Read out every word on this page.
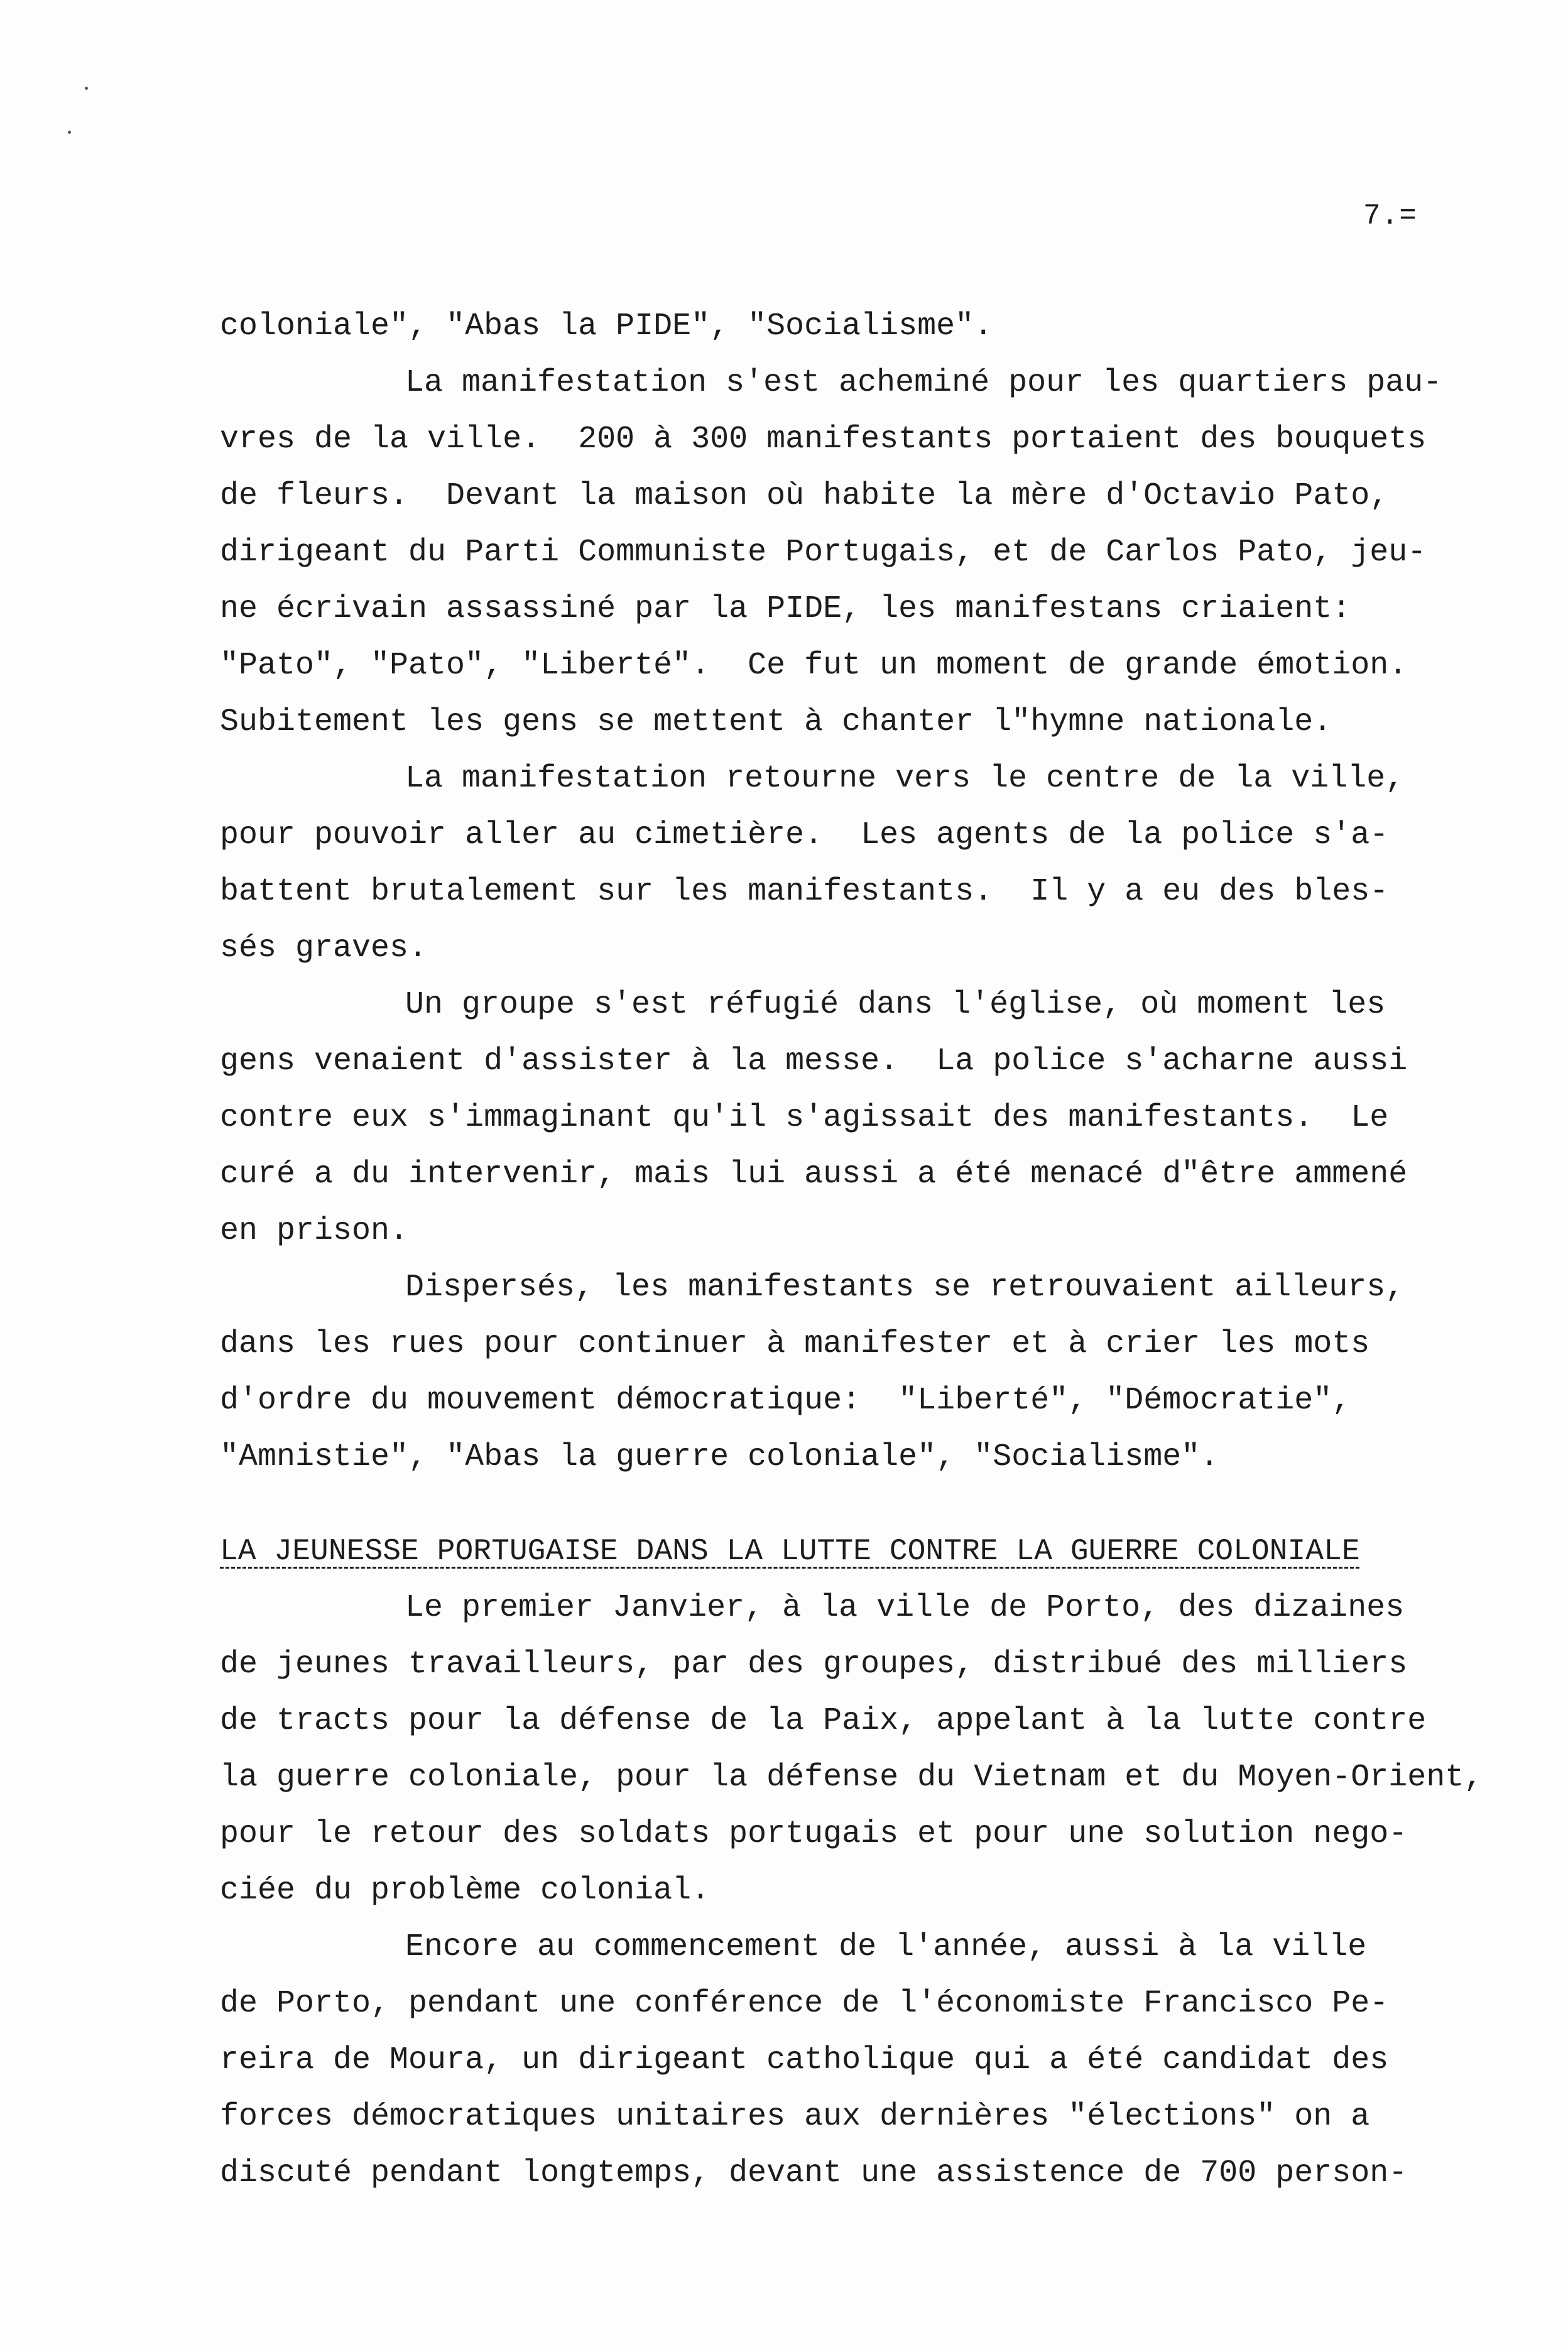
7.=
coloniale", "Abas la PIDE", "Socialisme".
La manifestation s'est acheminé pour les quartiers pau-
vres de la ville.  200 à 300 manifestants portaient des bouquets
de fleurs.  Devant la maison où habite la mère d'Octavio Pato,
dirigeant du Parti Communiste Portugais, et de Carlos Pato, jeu-
ne écrivain assassiné par la PIDE, les manifestans criaient:
"Pato", "Pato", "Liberté".  Ce fut un moment de grande émotion.
Subitement les gens se mettent à chanter l"hymne nationale.
La manifestation retourne vers le centre de la ville,
pour pouvoir aller au cimetière.  Les agents de la police s'a-
battent brutalement sur les manifestants.  Il y a eu des bles-
sés graves.
Un groupe s'est réfugié dans l'église, où moment les
gens venaient d'assister à la messe.  La police s'acharne aussi
contre eux s'immaginant qu'il s'agissait des manifestants.  Le
curé a du intervenir, mais lui aussi a été menacé d"être ammené
en prison.
Dispersés, les manifestants se retrouvaient ailleurs,
dans les rues pour continuer à manifester et à crier les mots
d'ordre du mouvement démocratique:  "Liberté", "Démocratie",
"Amnistie", "Abas la guerre coloniale", "Socialisme".
LA JEUNESSE PORTUGAISE DANS LA LUTTE CONTRE LA GUERRE COLONIALE
Le premier Janvier, à la ville de Porto, des dizaines
de jeunes travailleurs, par des groupes, distribué des milliers
de tracts pour la défense de la Paix, appelant à la lutte contre
la guerre coloniale, pour la défense du Vietnam et du Moyen-Orient,
pour le retour des soldats portugais et pour une solution nego-
ciée du problème colonial.
Encore au commencement de l'année, aussi à la ville
de Porto, pendant une conférence de l'économiste Francisco Pe-
reira de Moura, un dirigeant catholique qui a été candidat des
forces démocratiques unitaires aux dernières "élections" on a
discuté pendant longtemps, devant une assistence de 700 person-
